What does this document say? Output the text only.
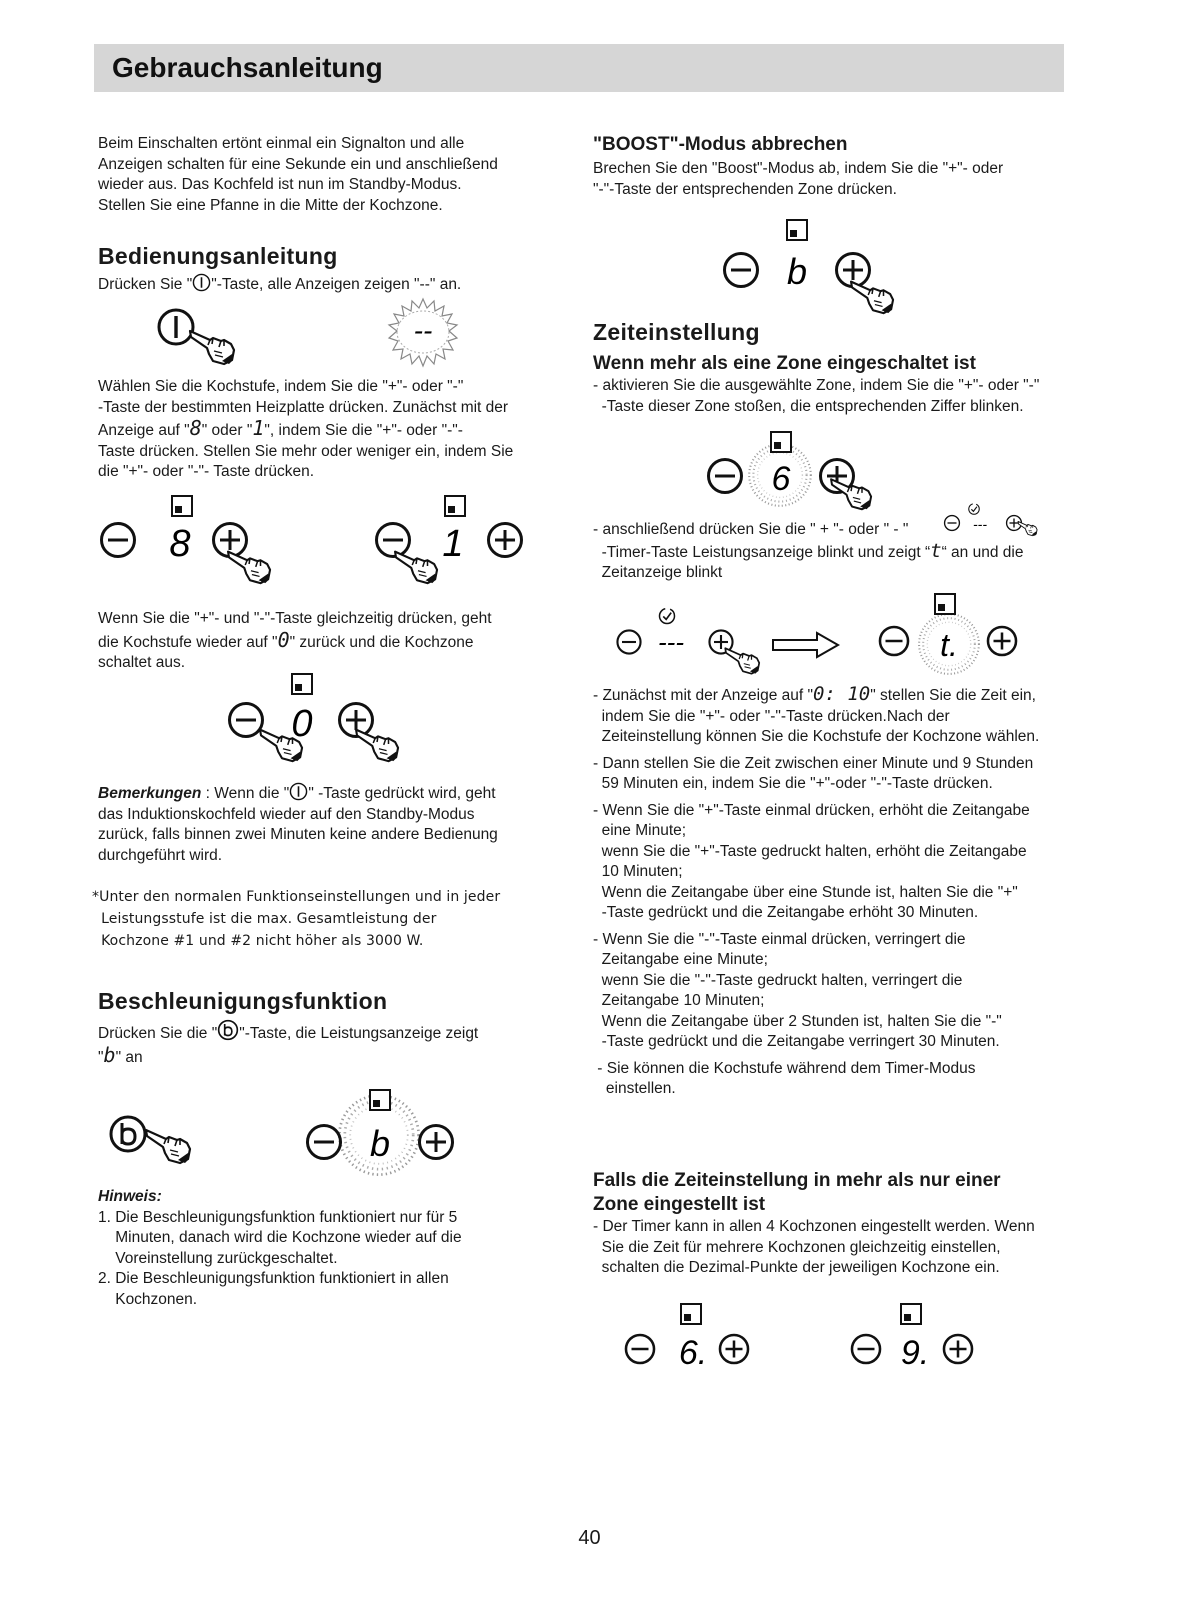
Gebrauchsanleitung

Beim Einschalten ertönt einmal ein Signalton und alle

Anzeigen schalten für eine Sekunde ein und anschließend

wieder aus. Das Kochfeld ist nun im Standby-Modus.

Stellen Sie eine Pfanne in die Mitte der Kochzone.

Bedienungsanleitung

Drücken Sie " "-Taste, alle Anzeigen zeigen "--" an.

--

Wählen Sie die Kochstufe, indem Sie die "+"- oder "-"

-Taste der bestimmten Heizplatte drücken. Zunächst mit der

Anzeige auf "8" oder "1", indem Sie die "+"- oder "-"-

Taste drücken. Stellen Sie mehr oder weniger ein, indem Sie

die "+"- oder "-"- Taste drücken.

8	1

Wenn Sie die "+"- und "-"-Taste gleichzeitig drücken, geht

die Kochstufe wieder auf "0" zurück und die Kochzone

schaltet aus.

0

Bemerkungen : Wenn die " " -Taste gedrückt wird, geht

das Induktionskochfeld wieder auf den Standby-Modus

zurück, falls binnen zwei Minuten keine andere Bedienung

durchgeführt wird.

*Unter den normalen Funktionseinstellungen und in jeder

Leistungsstufe ist die max. Gesamtleistung der

Kochzone #1 und #2 nicht höher als 3000 W.

Beschleunigungsfunktion

Drücken Sie die " "-Taste, die Leistungsanzeige zeigt

"b" an

b

Hinweis:

1. Die Beschleunigungsfunktion funktioniert nur für 5

Minuten, danach wird die Kochzone wieder auf die

Voreinstellung zurückgeschaltet.

2. Die Beschleunigungsfunktion funktioniert in allen

Kochzonen.

"BOOST"-Modus abbrechen

Brechen Sie den "Boost"-Modus ab, indem Sie die "+"- oder

"-"-Taste der entsprechenden Zone drücken.

b
Zeiteinstellung
Wenn mehr als eine Zone eingeschaltet ist

- aktivieren Sie die ausgewählte Zone, indem Sie die "+"- oder "-"

-Taste dieser Zone stoßen, die entsprechenden Ziffer blinken.

6

- anschließend drücken Sie die " + "- oder " - "

-Timer-Taste Leistungsanzeige blinkt und zeigt “t“ an und die

Zeitanzeige blinkt

---
---	t.

- Zunächst mit der Anzeige auf "0: 10" stellen Sie die Zeit ein,

indem Sie die "+"- oder "-"-Taste drücken.Nach der

Zeiteinstellung können Sie die Kochstufe der Kochzone wählen.

- Dann stellen Sie die Zeit zwischen einer Minute und 9 Stunden

59 Minuten ein, indem Sie die "+"-oder "-"-Taste drücken.

- Wenn Sie die "+"-Taste einmal drücken, erhöht die Zeitangabe

eine Minute;

wenn Sie die "+"-Taste gedruckt halten, erhöht die Zeitangabe

10 Minuten;

Wenn die Zeitangabe über eine Stunde ist, halten Sie die "+"

-Taste gedrückt und die Zeitangabe erhöht 30 Minuten.

- Wenn Sie die "-"-Taste einmal drücken, verringert die

Zeitangabe eine Minute;

wenn Sie die "-"-Taste gedruckt halten, verringert die

Zeitangabe 10 Minuten;

Wenn die Zeitangabe über 2 Stunden ist, halten Sie die "-"

-Taste gedrückt und die Zeitangabe verringert 30 Minuten.

- Sie können die Kochstufe während dem Timer-Modus

einstellen.

Falls die Zeiteinstellung in mehr als nur einer
Zone eingestellt ist

- Der Timer kann in allen 4 Kochzonen eingestellt werden. Wenn

Sie die Zeit für mehrere Kochzonen gleichzeitig einstellen,

schalten die Dezimal-Punkte der jeweiligen Kochzone ein.

6.	9.
40
